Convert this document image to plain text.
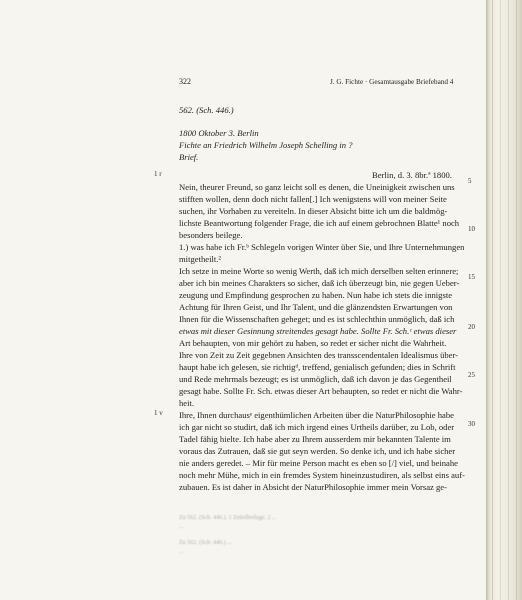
322	J. G. Fichte · Gesamtausgabe Briefeband 4
562. (Sch. 446.)
1800 Oktober 3. Berlin
Fichte an Friedrich Wilhelm Joseph Schelling in ?
Brief.
1 r
1 v
5
10
15
20
25
30
Berlin, d. 3. 8br.ª 1800.
Nein, theurer Freund, so ganz leicht soll es denen, die Uneinigkeit zwischen uns
stifften wollen, denn doch nicht fallen[.] Ich wenigstens will von meiner Seite
suchen, ihr Vorhaben zu vereiteln. In dieser Absicht bitte ich um die baldmög-
lichste Beantwortung folgender Frage, die ich auf einem gebrochnen Blatte¹ noch
besonders beilege.
1.) was habe ich Fr.ᵇ Schlegeln vorigen Winter über Sie, und Ihre Unternehmungen
mitgetheilt.²
Ich setze in meine Worte so wenig Werth, daß ich mich derselben selten erinnere;
aber ich bin meines Charakters so sicher, daß ich überzeugt bin, nie gegen Ueber-
zeugung und Empfindung gesprochen zu haben. Nun habe ich stets die innigste
Achtung für Ihren Geist, und Ihr Talent, und die glänzendsten Erwartungen von
Ihnen für die Wissenschaften geheget; und es ist schlechthin unmöglich, daß ich
etwas mit dieser Gesinnung streitendes gesagt habe. Sollte Fr. Sch.ᶜ etwas dieser
Art behaupten, von mir gehört zu haben, so redet er sicher nicht die Wahrheit.
Ihre von Zeit zu Zeit gegebnen Ansichten des transscendentalen Idealismus über-
haupt habe ich gelesen, sie richtigᵈ, treffend, genialisch gefunden; dies in Schrift
und Rede mehrmals bezeugt; es ist unmöglich, daß ich davon je das Gegentheil
gesagt habe. Sollte Fr. Sch. etwas dieser Art behaupten, so redet er nicht die Wahr-
heit.
Ihre, Ihnen durchausᵉ eigenthümlichen Arbeiten über die NaturPhilosophie habe
ich gar nicht so studirt, daß ich mich irgend eines Urtheils darüber, zu Lob, oder
Tadel fähig hielte. Ich habe aber zu Ihrem ausserdem mir bekannten Talente im
voraus das Zutrauen, daß sie gut seyn werden. So denke ich, und ich habe sicher
nie anders geredet. – Mir für meine Person macht es eben so [/] viel, und beinahe
noch mehr Mühe, mich in ein fremdes System hineinzustudiren, als selbst eins auf-
zubauen. Es ist daher in Absicht der NaturPhilosophie immer mein Vorsaz ge-
Zu 562. (Sch. 446.). 1 Zettelbeilage. 2 ...
...
Zu 562. (Sch. 446.) ...
...
